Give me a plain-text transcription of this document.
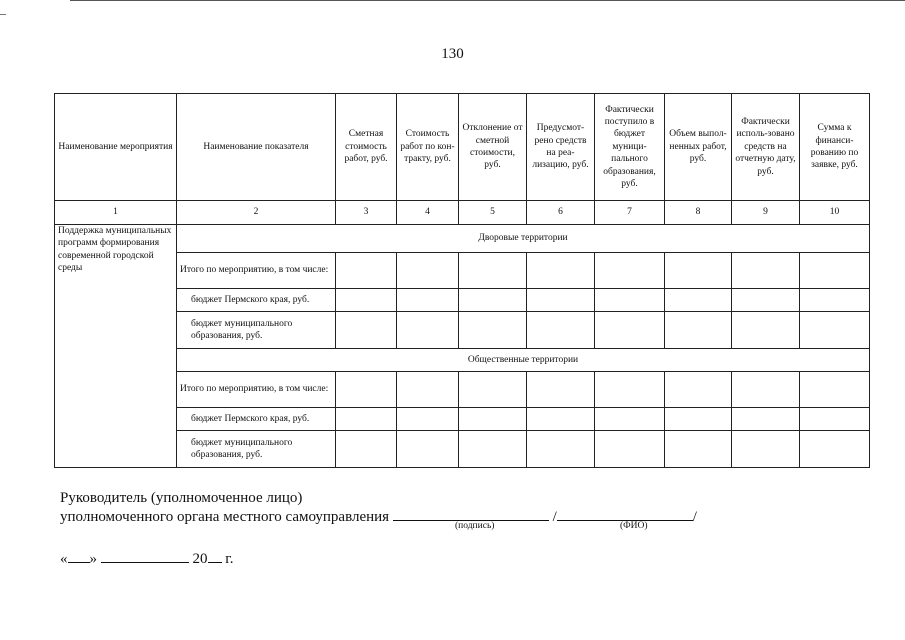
130
Наименование мероприятия	Наименование показателя	Сметная стоимость работ, руб.	Стоимость работ по кон-тракту, руб.	Отклонение от сметной стоимости, руб.	Предусмот-рено средств на реа-лизацию, руб.	Фактически поступило в бюджет муници-пального образования, руб.	Объем выпол-ненных работ, руб.	Фактически исполь-зовано средств на отчетную дату, руб.	Сумма к финанси-рованию по заявке, руб.
1	2	3	4	5	6	7	8	9	10
Поддержка муниципальных программ формирования современной городской среды	Дворовые территории								
	Итого по мероприятию, в том числе:								
	бюджет Пермского края, руб.								
	бюджет муниципального образования, руб.								
	Общественные территории								
	Итого по мероприятию, в том числе:								
	бюджет Пермского края, руб.								
	бюджет муниципального образования, руб.								
Руководитель (уполномоченное лицо)
уполномоченного органа местного самоуправления	/	/
(подпись)	(ФИО)
« »	20 г.
